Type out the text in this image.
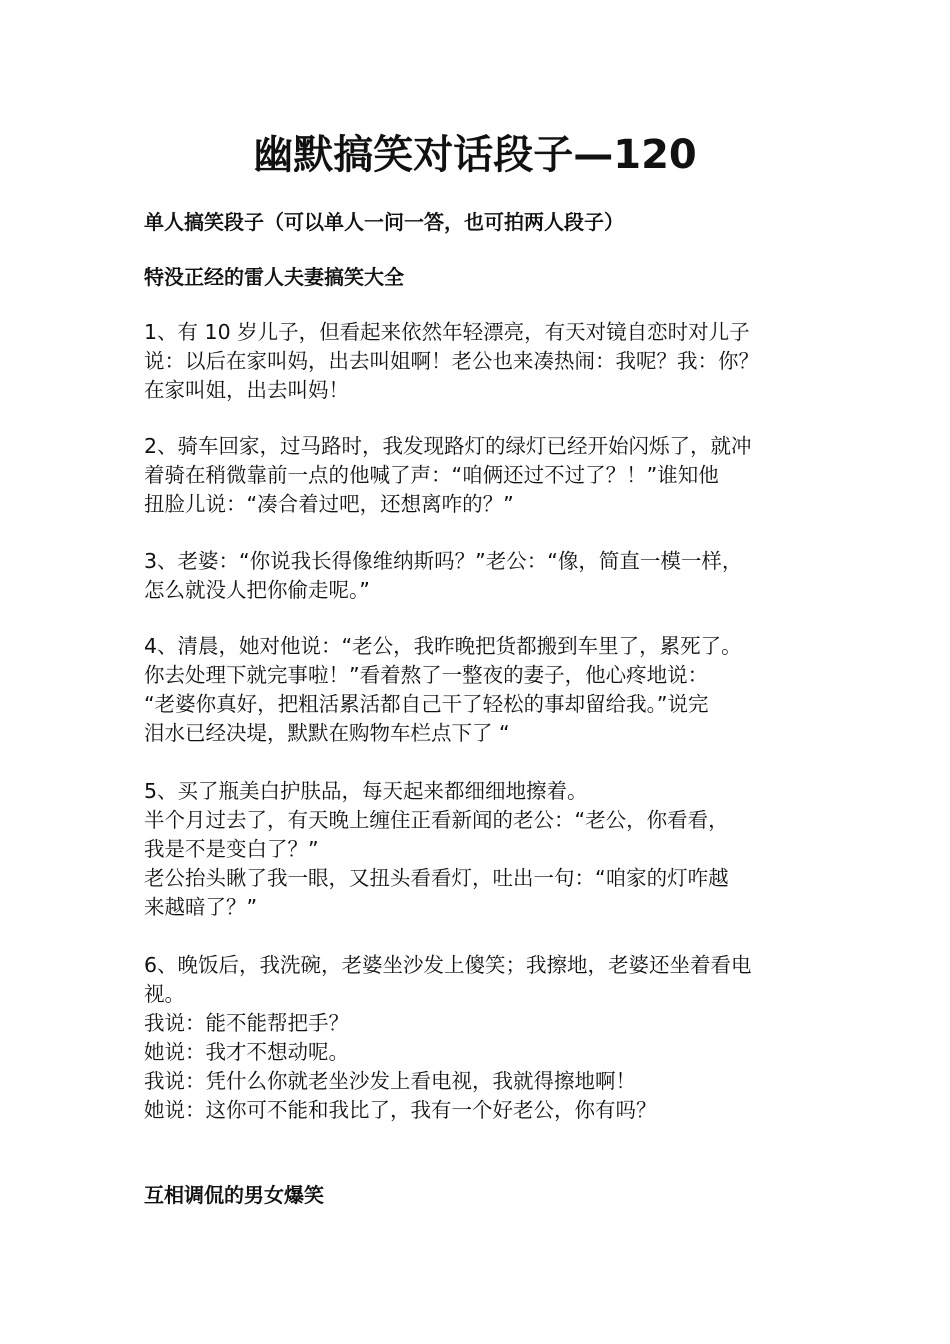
幽默搞笑对话段子—120
单人搞笑段子（可以单人一问一答，也可拍两人段子）
特没正经的雷人夫妻搞笑大全
1、有 10 岁儿子，但看起来依然年轻漂亮，有天对镜自恋时对儿子
说：以后在家叫妈，出去叫姐啊！老公也来凑热闹：我呢？我：你？
在家叫姐，出去叫妈！
2、骑车回家，过马路时，我发现路灯的绿灯已经开始闪烁了，就冲
着骑在稍微靠前一点的他喊了声：“咱俩还过不过了？！”谁知他
扭脸儿说：“凑合着过吧，还想离咋的？”
3、老婆：“你说我长得像维纳斯吗？”老公：“像，简直一模一样，
怎么就没人把你偷走呢。”
4、清晨，她对他说：“老公，我昨晚把货都搬到车里了，累死了。
你去处理下就完事啦！”看着熬了一整夜的妻子，他心疼地说：
“老婆你真好，把粗活累活都自己干了轻松的事却留给我。”说完
泪水已经决堤，默默在购物车栏点下了 “
5、买了瓶美白护肤品，每天起来都细细地擦着。
半个月过去了，有天晚上缠住正看新闻的老公：“老公，你看看，
我是不是变白了？”
老公抬头瞅了我一眼，又扭头看看灯，吐出一句：“咱家的灯咋越
来越暗了？”
6、晚饭后，我洗碗，老婆坐沙发上傻笑；我擦地，老婆还坐着看电
视。
我说：能不能帮把手？
她说：我才不想动呢。
我说：凭什么你就老坐沙发上看电视，我就得擦地啊！
她说：这你可不能和我比了，我有一个好老公，你有吗？
互相调侃的男女爆笑
